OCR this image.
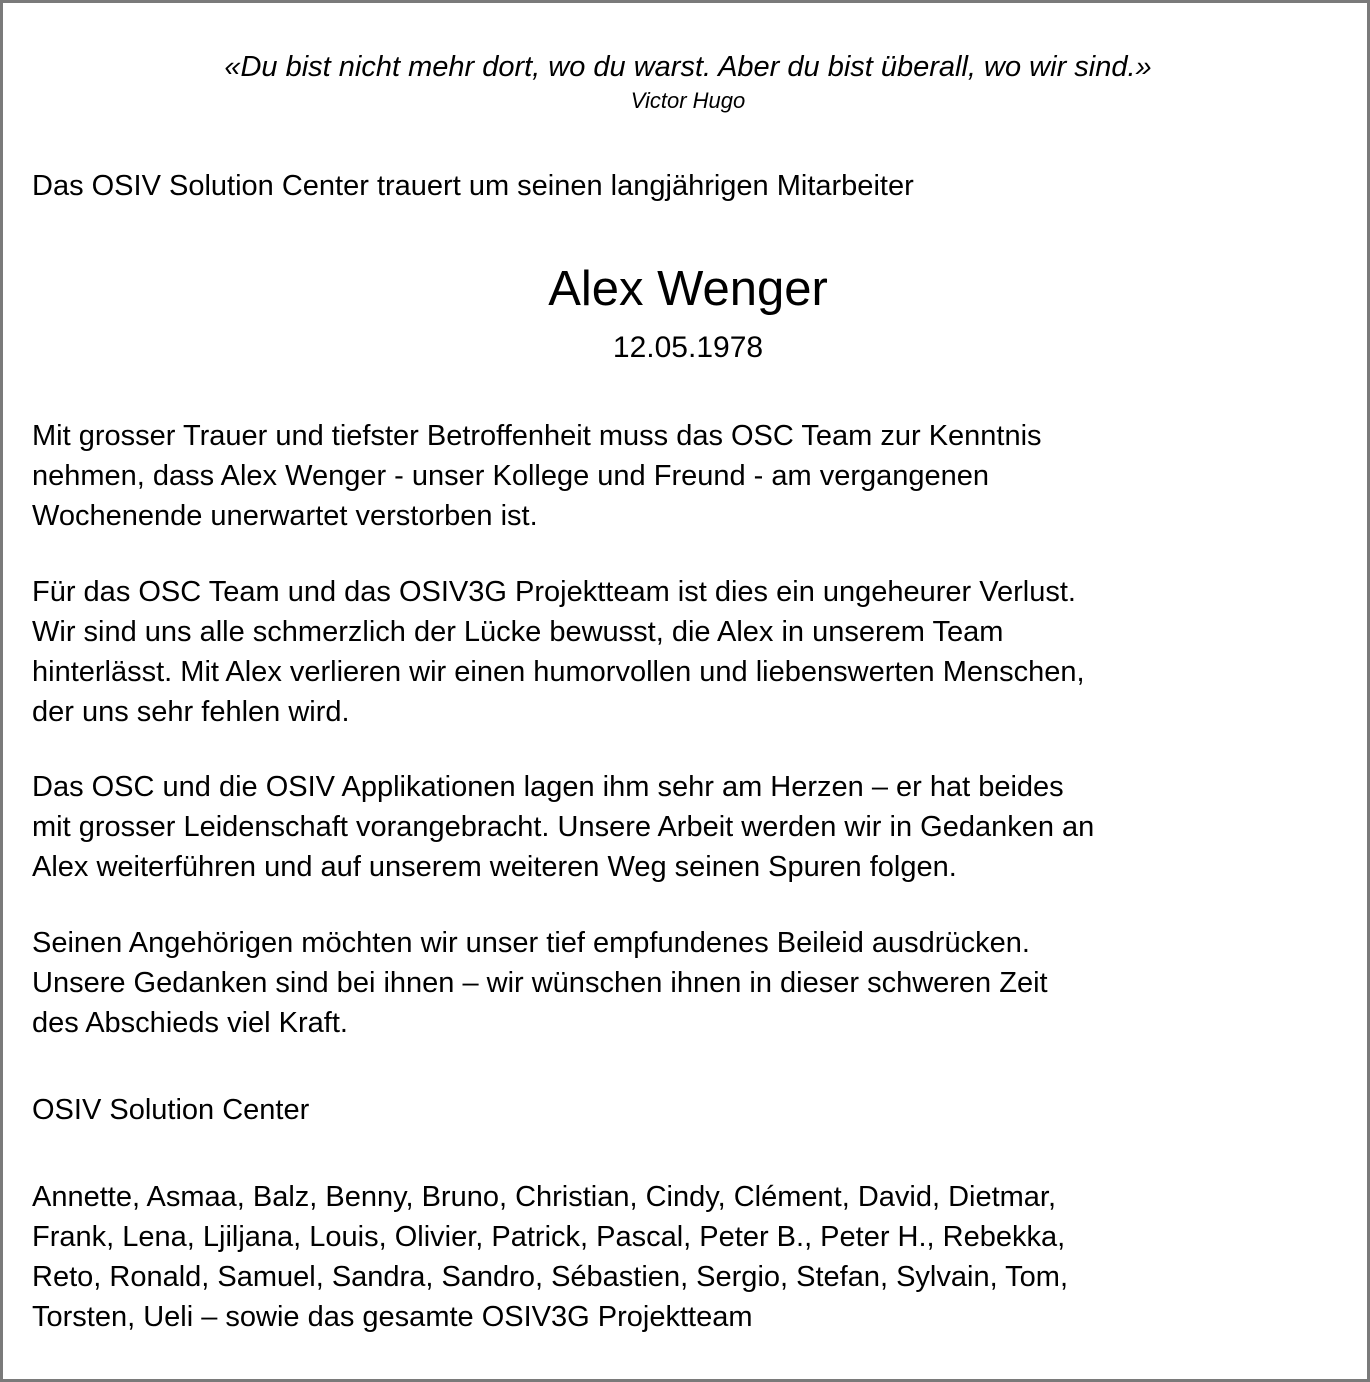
«Du bist nicht mehr dort, wo du warst. Aber du bist überall, wo wir sind.»
Victor Hugo
Das OSIV Solution Center trauert um seinen langjährigen Mitarbeiter
Alex Wenger
12.05.1978
Mit grosser Trauer und tiefster Betroffenheit muss das OSC Team zur Kenntnis
nehmen, dass Alex Wenger - unser Kollege und Freund - am vergangenen
Wochenende unerwartet verstorben ist.
Für das OSC Team und das OSIV3G Projektteam ist dies ein ungeheurer Verlust.
Wir sind uns alle schmerzlich der Lücke bewusst, die Alex in unserem Team
hinterlässt. Mit Alex verlieren wir einen humorvollen und liebenswerten Menschen,
der uns sehr fehlen wird.
Das OSC und die OSIV Applikationen lagen ihm sehr am Herzen – er hat beides
mit grosser Leidenschaft vorangebracht. Unsere Arbeit werden wir in Gedanken an
Alex weiterführen und auf unserem weiteren Weg seinen Spuren folgen.
Seinen Angehörigen möchten wir unser tief empfundenes Beileid ausdrücken.
Unsere Gedanken sind bei ihnen – wir wünschen ihnen in dieser schweren Zeit
des Abschieds viel Kraft.
OSIV Solution Center
Annette, Asmaa, Balz, Benny, Bruno, Christian, Cindy, Clément, David, Dietmar,
Frank, Lena, Ljiljana, Louis, Olivier, Patrick, Pascal, Peter B., Peter H., Rebekka,
Reto, Ronald, Samuel, Sandra, Sandro, Sébastien, Sergio, Stefan, Sylvain, Tom,
Torsten, Ueli – sowie das gesamte OSIV3G Projektteam
